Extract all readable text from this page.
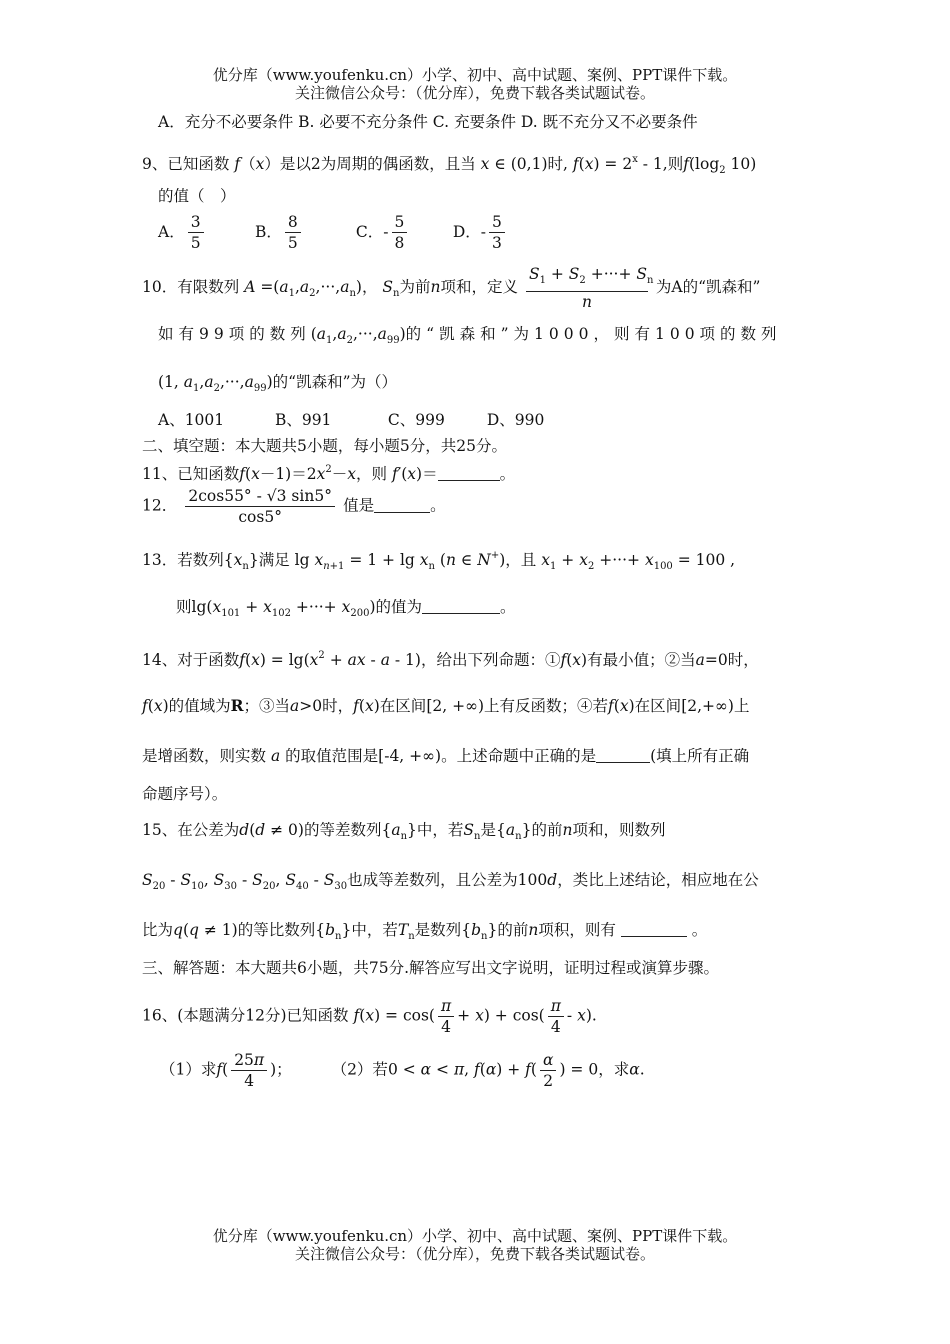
优分库（www.youfenku.cn）小学、初中、高中试题、案例、PPT课件下载。
关注微信公众号：（优分库），免费下载各类试题试卷。
A．充分不必要条件 B. 必要不充分条件 C. 充要条件 D. 既不充分又不必要条件
9、已知函数 f（x）是以2为周期的偶函数，且当 x ∈ (0,1)时, $f(x) = 2^x - 1$,则$f(\log_2$ 10)
的值（　）
A． $\frac{3}{5}$	B． $\frac{8}{5}$	C．- $\frac{5}{8}$	D．- $\frac{5}{3}$
10．有限数列 $A =(a_1,a_2,\cdot\cdot\cdot,a_n)$， $S_n$为前n项和，定义 $\frac{S_1 + S_2 +\cdot\cdot\cdot+ S_n}{n}$ 为A的“凯森和”
如有99项的数列$(a_1,a_2,\cdot\cdot\cdot,a_{99})$的“凯森和”为1000，则有100项的数列
(1, $a_1,a_2,\cdot\cdot\cdot,a_{99}$)的“凯森和”为（）
A、1001	B、991	C、999	D、990
二、填空题：本大题共5小题，每小题5分，共25分。
11、已知函数$f(x-1)=2x^2-x$，则 f′(x)＝	。
12． $\frac{2\cos 55^\circ - √3 \sin 5^\circ}{\cos 5^\circ}$ 值是	。
13．若数列$\{x_n\}$满足 $\lg x_{n+1} = 1 + \lg x_n$ (n ∈ N+)，且 $x_1 + x_2$ +···+ $x_{100} = 100$ ,
则$\lg(x_{101} + x_{102}$ +···+ $x_{200}$)的值为	。
14、对于函数$f(x) = \lg(x^2$ + ax - a - 1)，给出下列命题：①f(x)有最小值；②当a=0时，
f(x)的值域为R；③当a>0时，f(x)在区间[2, +∞)上有反函数；④若f(x)在区间[2,+∞)上
是增函数，则实数 a 的取值范围是[-4, +∞)。上述命题中正确的是	(填上所有正确
命题序号）。
15、在公差为d(d ≠ 0)的等差数列$\{a_n\}$中，若$S_n$是$\{a_n\}$的前n项和，则数列
$S_{20} - S_{10}$, $S_{30} - S_{20}$, $S_{40} - S_{30}$也成等差数列，且公差为100d，类比上述结论，相应地在公
比为q(q ≠ 1)的等比数列$\{b_n\}$中，若$T_n$是数列$\{b_n\}$的前n项积，则有	。
三、解答题：本大题共6小题，共75分.解答应写出文字说明，证明过程或演算步骤。
16、(本题满分12分)已知函数 $f(x) = \cos( \frac{\pi}{4} + x) + \cos( \frac{\pi}{4} - x)$.
（1）求$f( \frac{25\pi}{4}$ )；	（2）若0 < α < π, $f(\alpha) + f( \frac{\alpha}{2}$ ) = 0，求α.
优分库（www.youfenku.cn）小学、初中、高中试题、案例、PPT课件下载。
关注微信公众号：（优分库），免费下载各类试题试卷。
